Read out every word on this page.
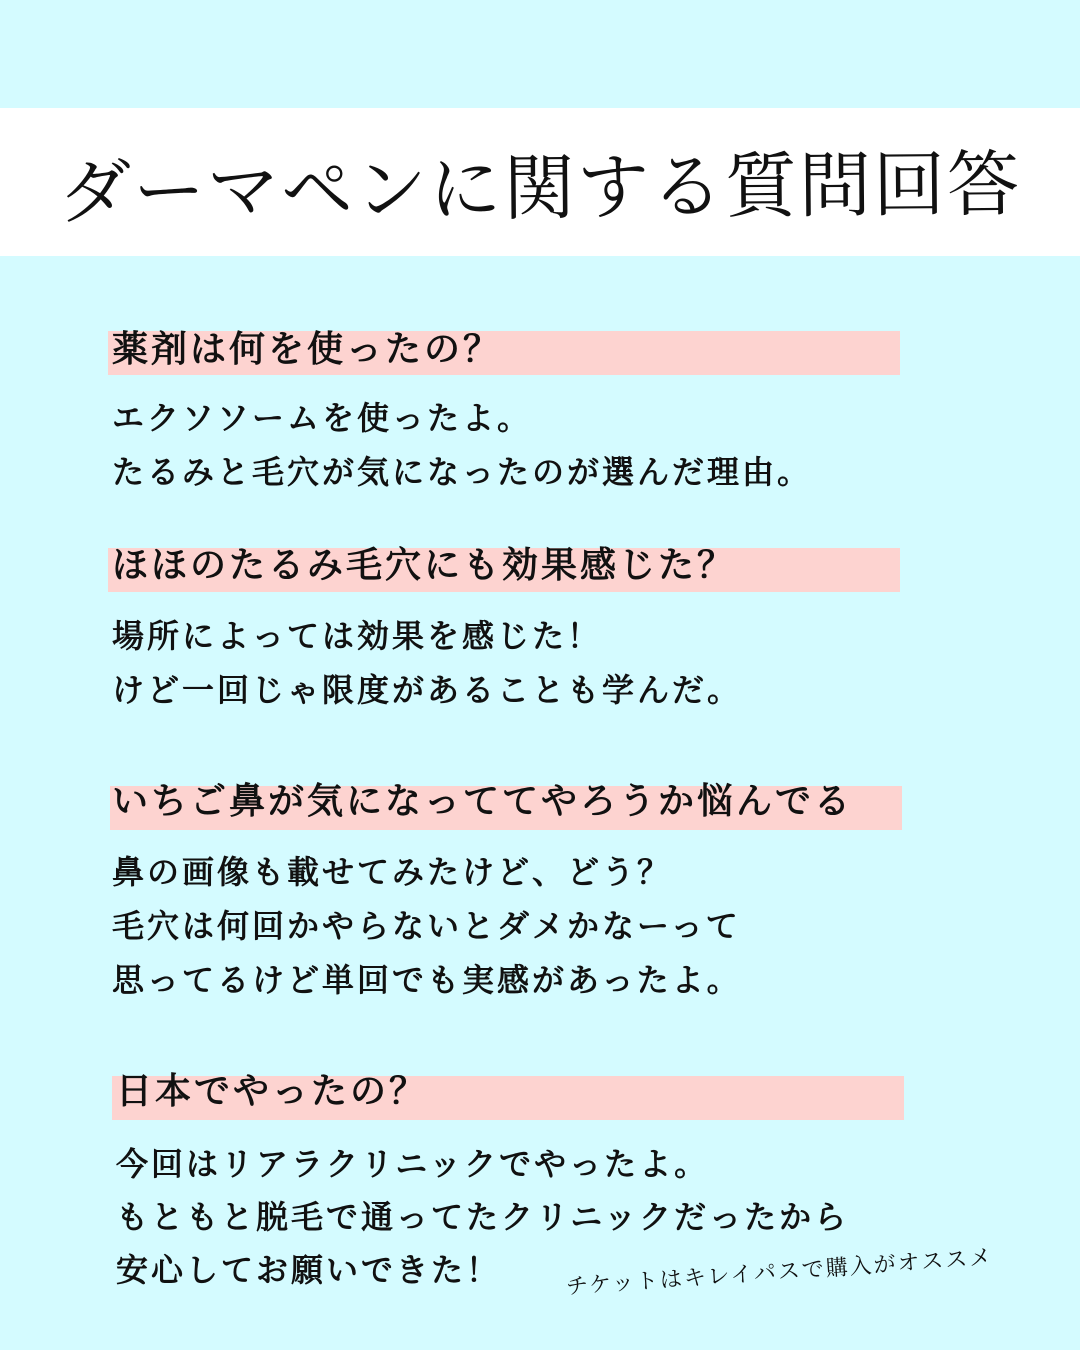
ダーマペンに関する質問回答
薬剤は何を使ったの？
エクソソームを使ったよ。
たるみと毛穴が気になったのが選んだ理由。
ほほのたるみ毛穴にも効果感じた？
場所によっては効果を感じた！
けど一回じゃ限度があることも学んだ。
いちご鼻が気になっててやろうか悩んでる
鼻の画像も載せてみたけど、どう？
毛穴は何回かやらないとダメかなーって
思ってるけど単回でも実感があったよ。
日本でやったの？
今回はリアラクリニックでやったよ。
もともと脱毛で通ってたクリニックだったから
安心してお願いできた！	チケットはキレイパスで購入がオススメ
